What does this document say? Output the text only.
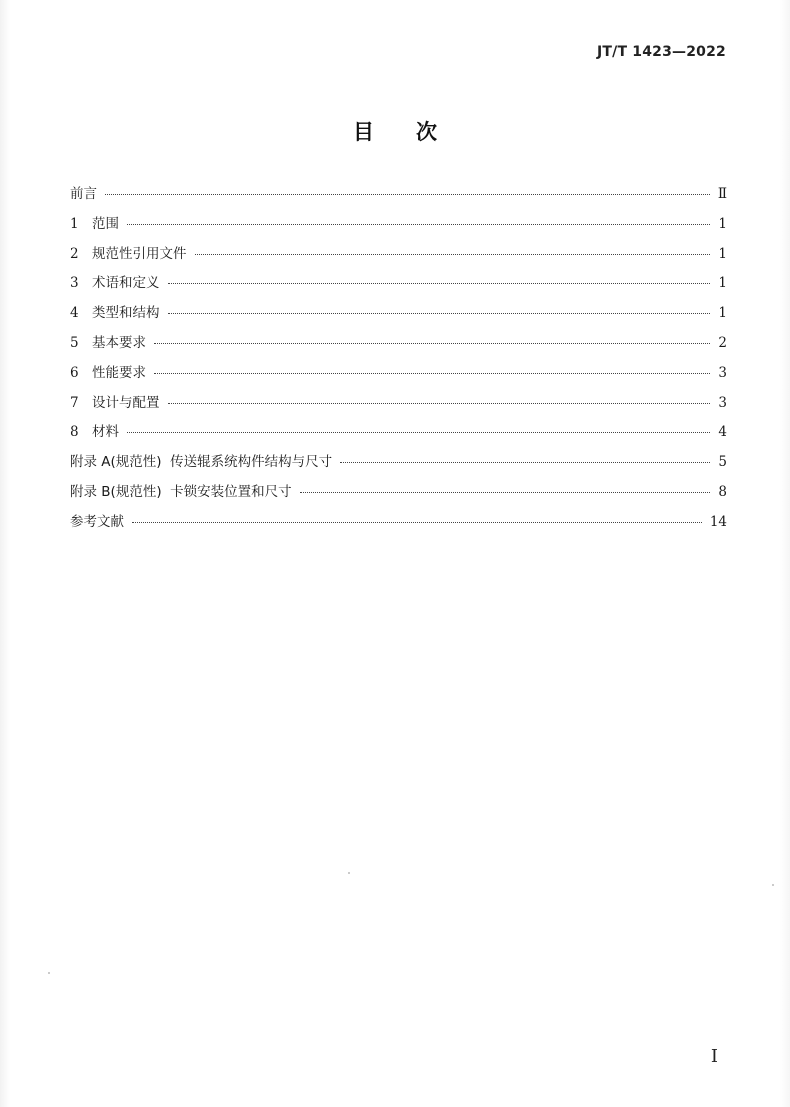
JT/T 1423—2022
目次
前言	Ⅱ
1 范围	1
2 规范性引用文件	1
3 术语和定义	1
4 类型和结构	1
5 基本要求	2
6 性能要求	3
7 设计与配置	3
8 材料	4
附录 A(规范性)  传送辊系统构件结构与尺寸	5
附录 B(规范性)  卡锁安装位置和尺寸	8
参考文献	14
I
